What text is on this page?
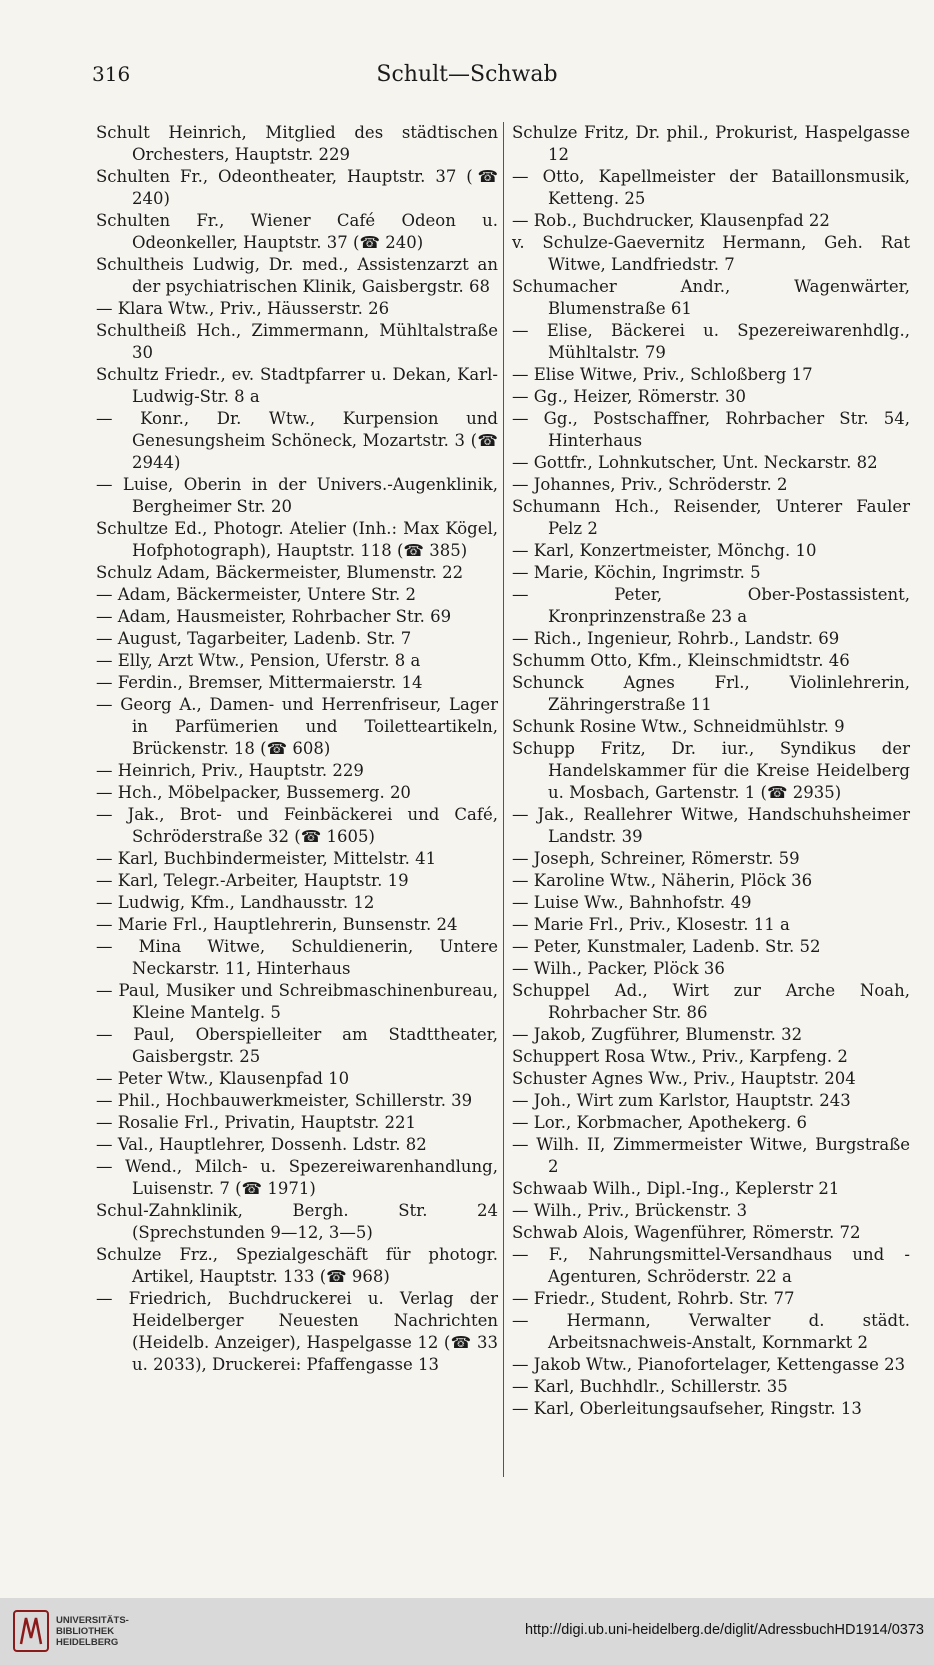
316	Schult—Schwab

Schult Heinrich, Mitglied des städtischen Orchesters, Hauptstr. 229

Schulten Fr., Odeontheater, Hauptstr. 37 (☎ 240)

Schulten Fr., Wiener Café Odeon u. Odeonkeller, Hauptstr. 37 (☎ 240)

Schultheis Ludwig, Dr. med., Assistenzarzt an der psychiatrischen Klinik, Gaisbergstr. 68

— Klara Wtw., Priv., Häusserstr. 26

Schultheiß Hch., Zimmermann, Mühltalstraße 30

Schultz Friedr., ev. Stadtpfarrer u. Dekan, Karl-Ludwig-Str. 8 a

— Konr., Dr. Wtw., Kurpension und Genesungsheim Schöneck, Mozartstr. 3 (☎ 2944)

— Luise, Oberin in der Univers.-Augenklinik, Bergheimer Str. 20

Schultze Ed., Photogr. Atelier (Inh.: Max Kögel, Hofphotograph), Hauptstr. 118 (☎ 385)

Schulz Adam, Bäckermeister, Blumenstr. 22

— Adam, Bäckermeister, Untere Str. 2

— Adam, Hausmeister, Rohrbacher Str. 69

— August, Tagarbeiter, Ladenb. Str. 7

— Elly, Arzt Wtw., Pension, Uferstr. 8 a

— Ferdin., Bremser, Mittermaierstr. 14

— Georg A., Damen- und Herrenfriseur, Lager in Parfümerien und Toiletteartikeln, Brückenstr. 18 (☎ 608)

— Heinrich, Priv., Hauptstr. 229

— Hch., Möbelpacker, Bussemerg. 20

— Jak., Brot- und Feinbäckerei und Café, Schröderstraße 32 (☎ 1605)

— Karl, Buchbindermeister, Mittelstr. 41

— Karl, Telegr.-Arbeiter, Hauptstr. 19

— Ludwig, Kfm., Landhausstr. 12

— Marie Frl., Hauptlehrerin, Bunsenstr. 24

— Mina Witwe, Schuldienerin, Untere Neckarstr. 11, Hinterhaus

— Paul, Musiker und Schreibmaschinenbureau, Kleine Mantelg. 5

— Paul, Oberspielleiter am Stadttheater, Gaisbergstr. 25

— Peter Wtw., Klausenpfad 10

— Phil., Hochbauwerkmeister, Schillerstr. 39

— Rosalie Frl., Privatin, Hauptstr. 221

— Val., Hauptlehrer, Dossenh. Ldstr. 82

— Wend., Milch- u. Spezereiwarenhandlung, Luisenstr. 7 (☎ 1971)

Schul-Zahnklinik, Bergh. Str. 24 (Sprechstunden 9—12, 3—5)

Schulze Frz., Spezialgeschäft für photogr. Artikel, Hauptstr. 133 (☎ 968)

— Friedrich, Buchdruckerei u. Verlag der Heidelberger Neuesten Nachrichten (Heidelb. Anzeiger), Haspelgasse 12 (☎ 33 u. 2033), Druckerei: Pfaffengasse 13

Schulze Fritz, Dr. phil., Prokurist, Haspelgasse 12

— Otto, Kapellmeister der Bataillonsmusik, Ketteng. 25

— Rob., Buchdrucker, Klausenpfad 22

v. Schulze-Gaevernitz Hermann, Geh. Rat Witwe, Landfriedstr. 7

Schumacher Andr., Wagenwärter, Blumenstraße 61

— Elise, Bäckerei u. Spezereiwarenhdlg., Mühltalstr. 79

— Elise Witwe, Priv., Schloßberg 17

— Gg., Heizer, Römerstr. 30

— Gg., Postschaffner, Rohrbacher Str. 54, Hinterhaus

— Gottfr., Lohnkutscher, Unt. Neckarstr. 82

— Johannes, Priv., Schröderstr. 2

Schumann Hch., Reisender, Unterer Fauler Pelz 2

— Karl, Konzertmeister, Mönchg. 10

— Marie, Köchin, Ingrimstr. 5

— Peter, Ober-Postassistent, Kronprinzenstraße 23 a

— Rich., Ingenieur, Rohrb., Landstr. 69

Schumm Otto, Kfm., Kleinschmidtstr. 46

Schunck Agnes Frl., Violinlehrerin, Zähringerstraße 11

Schunk Rosine Wtw., Schneidmühlstr. 9

Schupp Fritz, Dr. iur., Syndikus der Handelskammer für die Kreise Heidelberg u. Mosbach, Gartenstr. 1 (☎ 2935)

— Jak., Reallehrer Witwe, Handschuhsheimer Landstr. 39

— Joseph, Schreiner, Römerstr. 59

— Karoline Wtw., Näherin, Plöck 36

— Luise Ww., Bahnhofstr. 49

— Marie Frl., Priv., Klosestr. 11 a

— Peter, Kunstmaler, Ladenb. Str. 52

— Wilh., Packer, Plöck 36

Schuppel Ad., Wirt zur Arche Noah, Rohrbacher Str. 86

— Jakob, Zugführer, Blumenstr. 32

Schuppert Rosa Wtw., Priv., Karpfeng. 2

Schuster Agnes Ww., Priv., Hauptstr. 204

— Joh., Wirt zum Karlstor, Hauptstr. 243

— Lor., Korbmacher, Apothekerg. 6

— Wilh. II, Zimmermeister Witwe, Burgstraße 2

Schwaab Wilh., Dipl.-Ing., Keplerstr 21

— Wilh., Priv., Brückenstr. 3

Schwab Alois, Wagenführer, Römerstr. 72

— F., Nahrungsmittel-Versandhaus und -Agenturen, Schröderstr. 22 a

— Friedr., Student, Rohrb. Str. 77

— Hermann, Verwalter d. städt. Arbeitsnachweis-Anstalt, Kornmarkt 2

— Jakob Wtw., Pianofortelager, Kettengasse 23

— Karl, Buchhdlr., Schillerstr. 35

— Karl, Oberleitungsaufseher, Ringstr. 13

UNIVERSITÄTS-
BIBLIOTHEK
HEIDELBERG
http://digi.ub.uni-heidelberg.de/diglit/AdressbuchHD1914/0373
